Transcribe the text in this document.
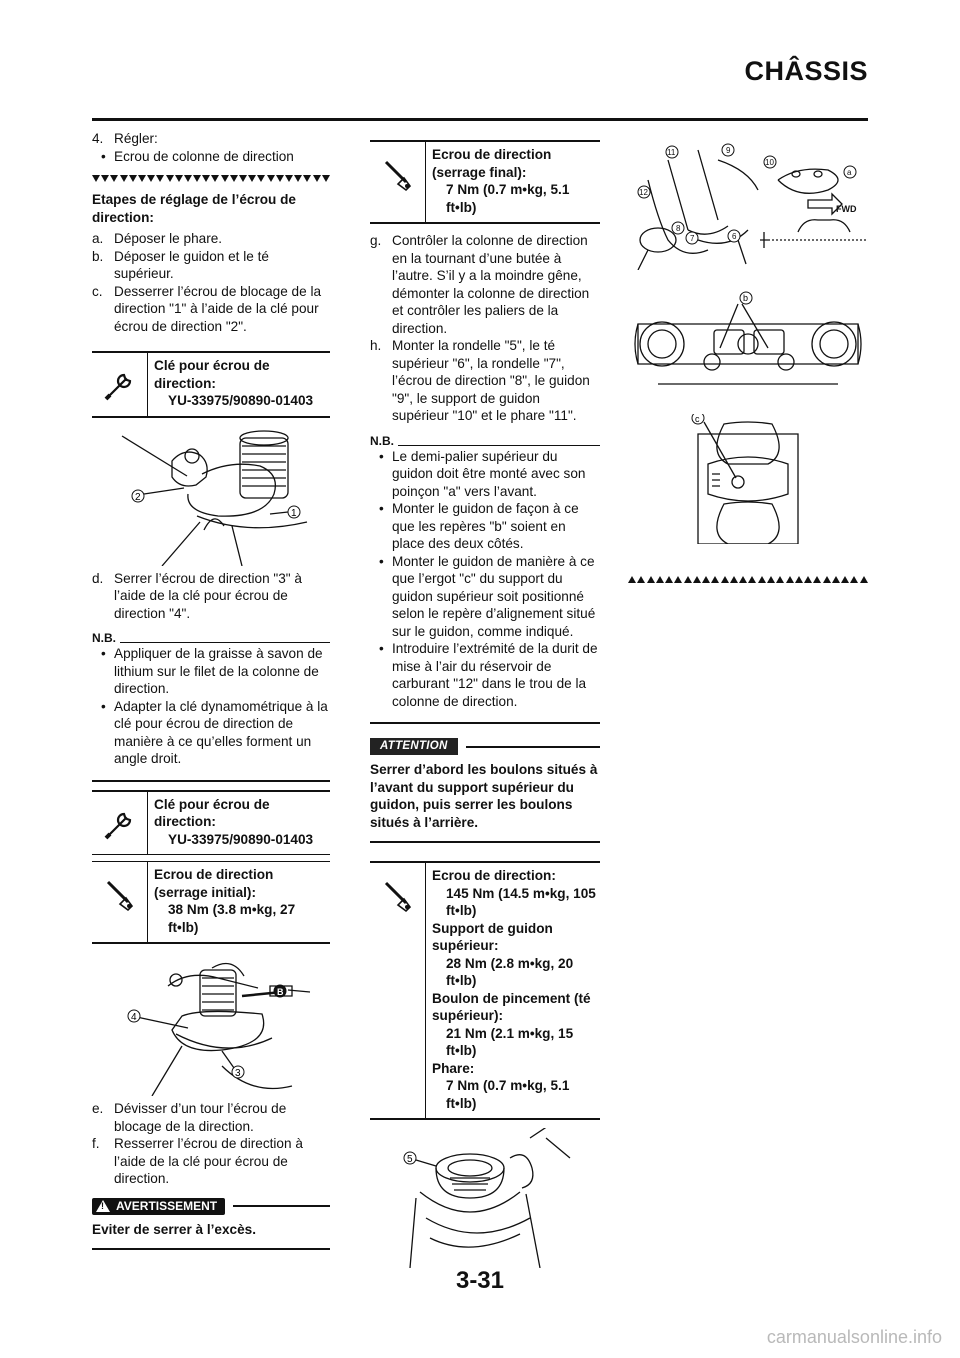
CHÂSSIS

4. Régler:

• Ecrou de colonne de direction

Etapes de réglage de l’écrou de direction:

a. Déposer le phare.

b. Déposer le guidon et le té supérieur.

c. Desserrer l’écrou de blocage de la direction "1" à l’aide de la clé pour écrou de direction "2".

Clé pour écrou de direction:
YU-33975/90890-01403
2
1

d. Serrer l’écrou de direction "3" à l’aide de la clé pour écrou de direction "4".

N.B.

• Appliquer de la graisse à savon de lithium sur le filet de la colonne de direction.

• Adapter la clé dynamométrique à la clé pour écrou de direction de manière à ce qu’elles forment un angle droit.

Clé pour écrou de direction:
YU-33975/90890-01403
Ecrou de direction (serrage initial):
38 Nm (3.8 m•kg, 27 ft•lb)
B
4
3

e. Dévisser d’un tour l’écrou de blocage de la direction.

f. Resserrer l’écrou de direction à l’aide de la clé pour écrou de direction.

!
AVERTISSEMENT

Eviter de serrer à l’excès.

Ecrou de direction (serrage final):
7 Nm (0.7 m•kg, 5.1 ft•lb)

g. Contrôler la colonne de direction en la tournant d’une butée à l’autre. S’il y a la moindre gêne, démonter la colonne de direction et contrôler les paliers de la direction.

h. Monter la rondelle "5", le té supérieur "6", la rondelle "7", l’écrou de direction "8", le guidon "9", le support de guidon supérieur "10" et le phare "11".

N.B.

• Le demi-palier supérieur du guidon doit être monté avec son poinçon "a" vers l’avant.

• Monter le guidon de façon à ce que les repères "b" soient en place des deux côtés.

• Monter le guidon de manière à ce que l’ergot "c" du support du guidon supérieur soit positionné selon le repère d’alignement situé sur le guidon, comme indiqué.

• Introduire l’extrémité de la durit de mise à l’air du réservoir de carburant "12" dans le trou de la colonne de direction.

ATTENTION

Serrer d’abord les boulons situés à l’avant du support supérieur du guidon, puis serrer les boulons situés à l’arrière.

Ecrou de direction:
145 Nm (14.5 m•kg, 105 ft•lb)
Support de guidon supérieur:
28 Nm (2.8 m•kg, 20 ft•lb)
Boulon de pincement (té supérieur):
21 Nm (2.1 m•kg, 15 ft•lb)
Phare:
7 Nm (0.7 m•kg, 5.1 ft•lb)
5
11	9
10
a
12
8
7	6
FWD
b
c
3-31
carmanualsonline.info
